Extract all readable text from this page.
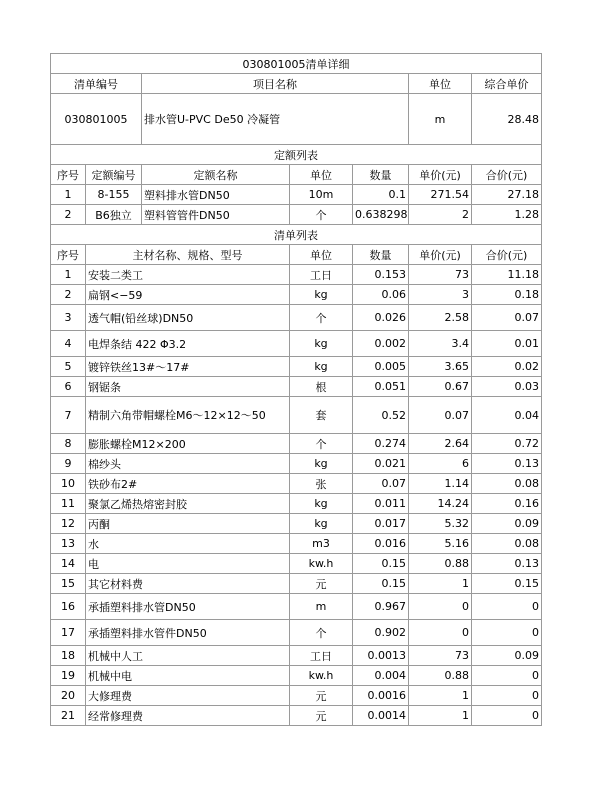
030801005清单详细			
清单编号	项目名称	单位	综合单价
030801005	排水管U-PVC De50 冷凝管	m	28.48
定额列表						
序号	定额编号	定额名称	单位	数量	单价(元)	合价(元)
1	8-155	塑料排水管DN50	10m	0.1	271.54	27.18
2	B6独立	塑料管管件DN50	个	0.638298	2	1.28
清单列表						
序号	主材名称、规格、型号		单位	数量	单价(元)	合价(元)
1	安装二类工		工日	0.153	73	11.18
2	扁钢<−59		kg	0.06	3	0.18
3	透气帽(铅丝球)DN50		个	0.026	2.58	0.07
4	电焊条结 422 Φ3.2		kg	0.002	3.4	0.01
5	镀锌铁丝13#～17#		kg	0.005	3.65	0.02
6	钢锯条		根	0.051	0.67	0.03
7	精制六角带帽螺栓M6～12×12～50		套	0.52	0.07	0.04
8	膨胀螺栓M12×200		个	0.274	2.64	0.72
9	棉纱头		kg	0.021	6	0.13
10	铁砂布2#		张	0.07	1.14	0.08
11	聚氯乙烯热熔密封胶		kg	0.011	14.24	0.16
12	丙酮		kg	0.017	5.32	0.09
13	水		m3	0.016	5.16	0.08
14	电		kw.h	0.15	0.88	0.13
15	其它材料费		元	0.15	1	0.15
16	承插塑料排水管DN50		m	0.967	0	0
17	承插塑料排水管件DN50		个	0.902	0	0
18	机械中人工		工日	0.0013	73	0.09
19	机械中电		kw.h	0.004	0.88	0
20	大修理费		元	0.0016	1	0
21	经常修理费		元	0.0014	1	0
